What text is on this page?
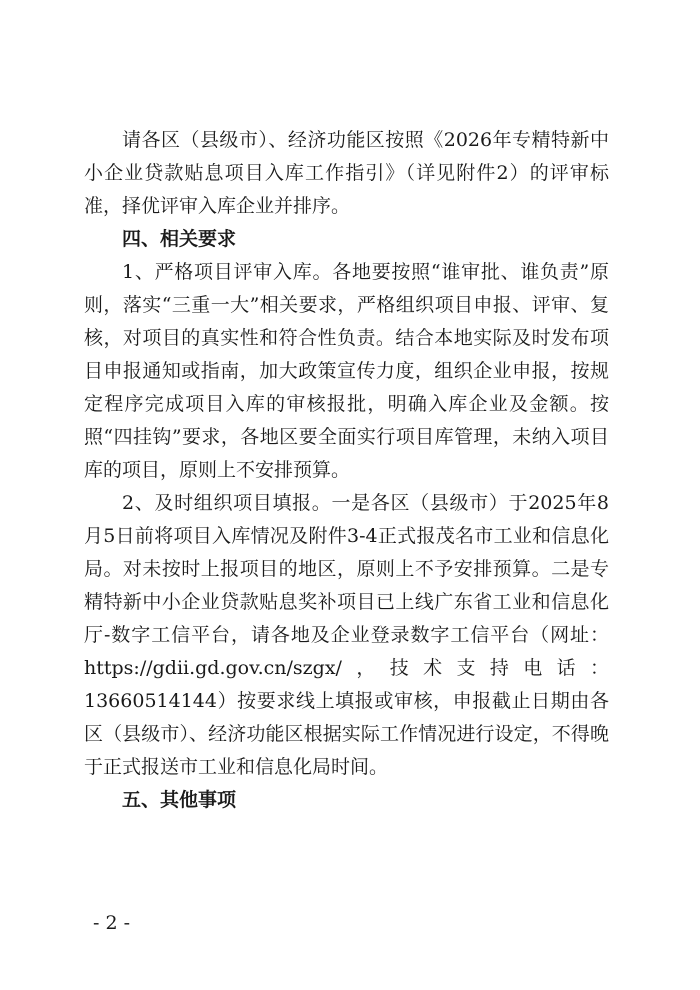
请各区（县级市）、经济功能区按照《2026年专精特新中小企业贷款贴息项目入库工作指引》（详见附件2）的评审标准，择优评审入库企业并排序。

四、相关要求

1、严格项目评审入库。各地要按照“谁审批、谁负责”原则，落实“三重一大”相关要求，严格组织项目申报、评审、复核，对项目的真实性和符合性负责。结合本地实际及时发布项目申报通知或指南，加大政策宣传力度，组织企业申报，按规定程序完成项目入库的审核报批，明确入库企业及金额。按照“四挂钩”要求，各地区要全面实行项目库管理，未纳入项目库的项目，原则上不安排预算。

2、及时组织项目填报。一是各区（县级市）于2025年8月5日前将项目入库情况及附件3-4正式报茂名市工业和信息化局。对未按时上报项目的地区，原则上不予安排预算。二是专精特新中小企业贷款贴息奖补项目已上线广东省工业和信息化厅-数字工信平台，请各地及企业登录数字工信平台（网址：https://gdii.gd.gov.cn/szgx/，技术支持电话：13660514144）按要求线上填报或审核，申报截止日期由各区（县级市）、经济功能区根据实际工作情况进行设定，不得晚于正式报送市工业和信息化局时间。

五、其他事项

- 2 -
